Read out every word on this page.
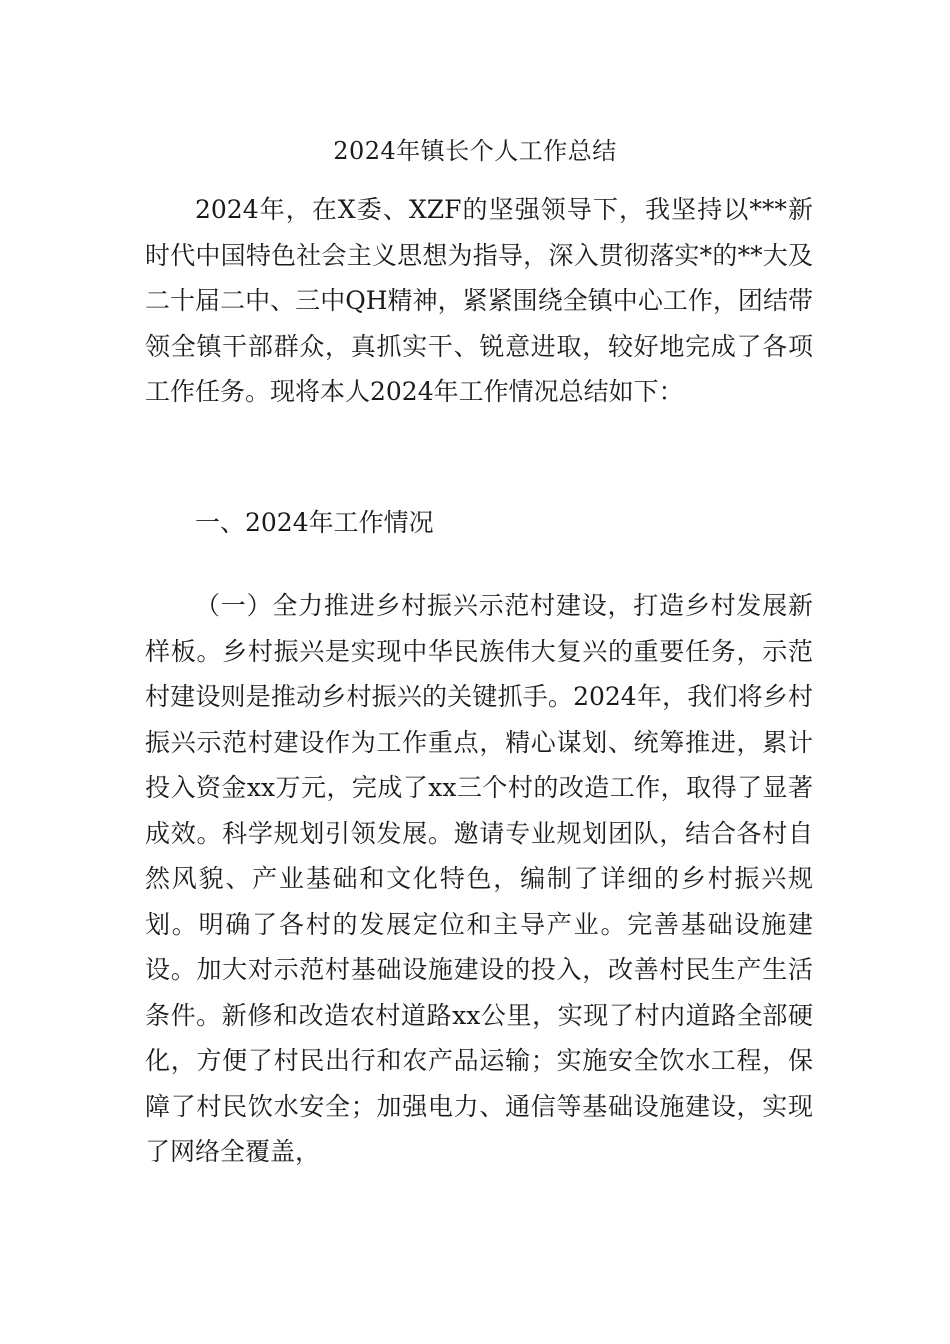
2024年镇长个人工作总结

2024年，在X委、XZF的坚强领导下，我坚持以***新时代中国特色社会主义思想为指导，深入贯彻落实*的**大及二十届二中、三中QH精神，紧紧围绕全镇中心工作，团结带领全镇干部群众，真抓实干、锐意进取，较好地完成了各项工作任务。现将本人2024年工作情况总结如下：

一、2024年工作情况

（一）全力推进乡村振兴示范村建设，打造乡村发展新样板。乡村振兴是实现中华民族伟大复兴的重要任务，示范村建设则是推动乡村振兴的关键抓手。2024年，我们将乡村振兴示范村建设作为工作重点，精心谋划、统筹推进，累计投入资金xx万元，完成了xx三个村的改造工作，取得了显著成效。科学规划引领发展。邀请专业规划团队，结合各村自然风貌、产业基础和文化特色，编制了详细的乡村振兴规划。明确了各村的发展定位和主导产业。完善基础设施建设。加大对示范村基础设施建设的投入，改善村民生产生活条件。新修和改造农村道路xx公里，实现了村内道路全部硬化，方便了村民出行和农产品运输；实施安全饮水工程，保障了村民饮水安全；加强电力、通信等基础设施建设，实现了网络全覆盖，
